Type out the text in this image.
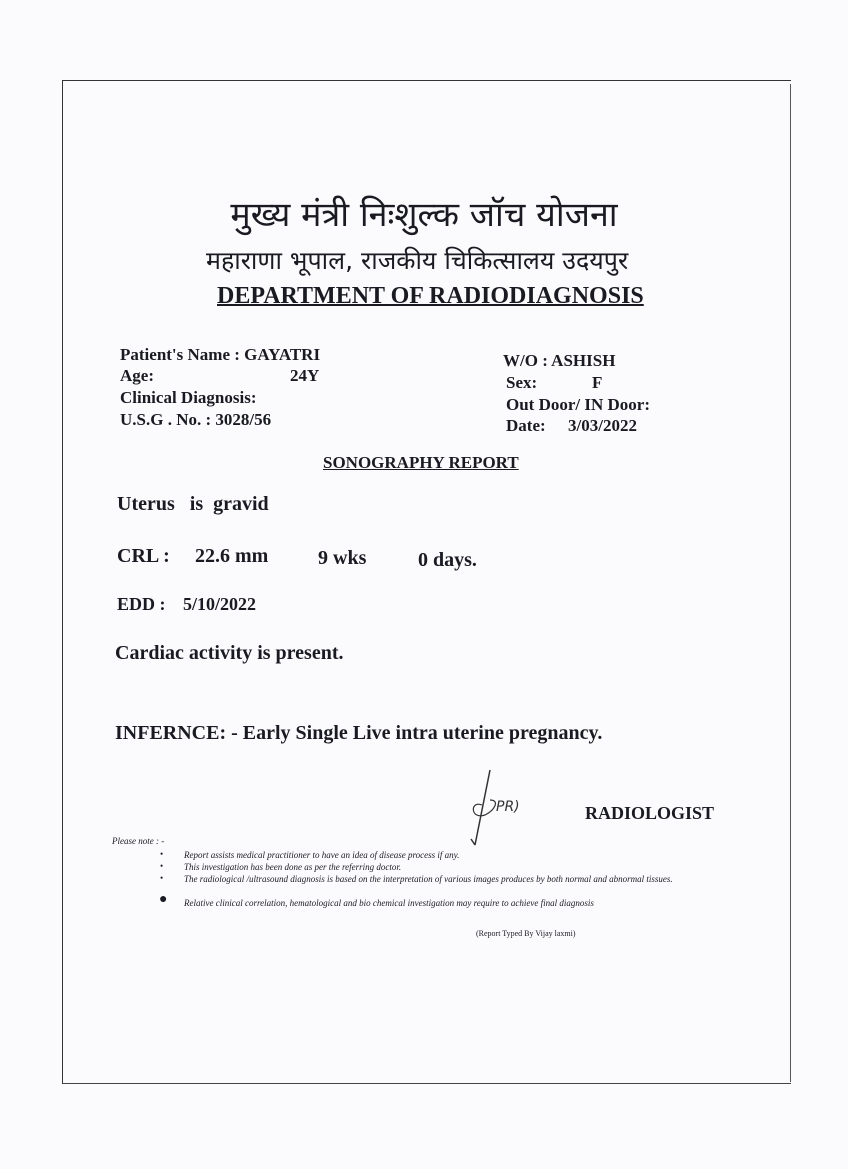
मुख्य मंत्री निःशुल्क जॉच योजना
महाराणा भूपाल, राजकीय चिकित्सालय उदयपुर
DEPARTMENT OF RADIODIAGNOSIS
Patient's Name : GAYATRI
Age:	24Y
Clinical Diagnosis:
U.S.G . No. : 3028/56
W/O : ASHISH
Sex:	F
Out Door/ IN Door:
Date: 3/03/2022
SONOGRAPHY REPORT
Uterus   is  gravid
CRL : 22.6 mm 9 wks	0 days.
EDD : 5/10/2022
Cardiac activity is present.
INFERNCE: - Early Single Live intra uterine pregnancy.
PR)	RADIOLOGIST
Please note : -
• Report assists medical practitioner to have an idea of disease process if any.
• This investigation has been done as per the referring doctor.
• The radiological /ultrasound diagnosis is based on the interpretation of various images produces by both normal and abnormal tissues.
● Relative clinical correlation, hematological and bio chemical investigation may require to achieve final diagnosis
(Report Typed By Vijay laxmi)
